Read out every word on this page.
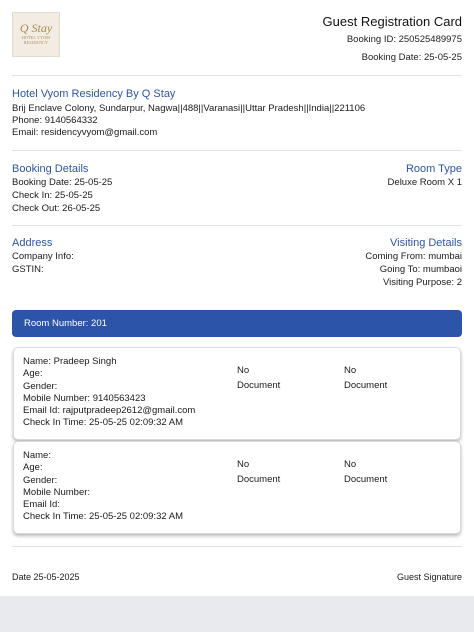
Q Stay
HOTEL VYOM RESIDENCY
Guest Registration Card
Booking ID: 250525489975
Booking Date: 25-05-25
Hotel Vyom Residency By Q Stay
Brij Enclave Colony, Sundarpur, Nagwa||488||Varanasi||Uttar Pradesh||India||221106
Phone: 9140564332
Email: residencyvyom@gmail.com
Booking Details
Booking Date: 25-05-25
Check In: 25-05-25
Check Out: 26-05-25
Room Type
Deluxe Room X 1
Address
Company Info:
GSTIN:
Visiting Details
Coming From: mumbai
Going To: mumbaoi
Visiting Purpose: 2
Room Number: 201
Name: Pradeep Singh
Age:
Gender:
Mobile Number: 9140563423
Email Id: rajputpradeep2612@gmail.com
Check In Time: 25-05-25 02:09:32 AM
No
Document
No
Document
Name:
Age:
Gender:
Mobile Number:
Email Id:
Check In Time: 25-05-25 02:09:32 AM
No
Document
No
Document
Date 25-05-2025	Guest Signature
